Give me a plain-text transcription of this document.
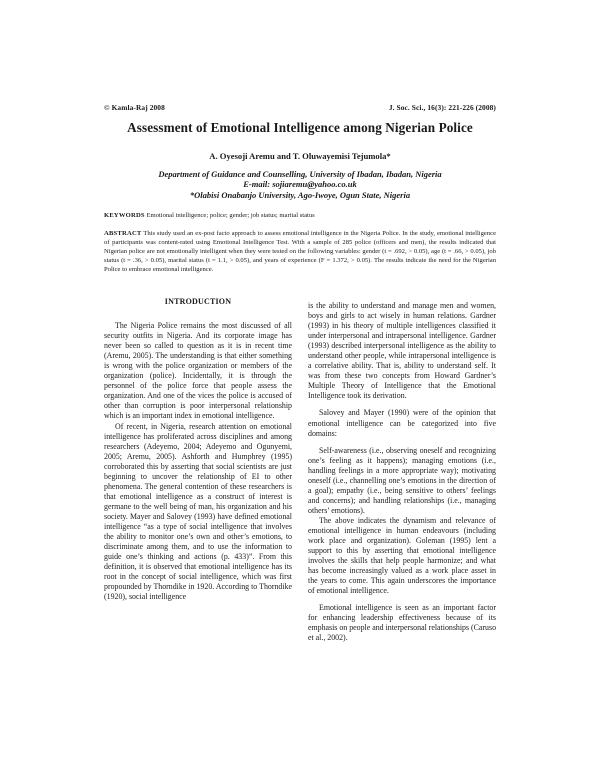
© Kamla-Raj 2008	J. Soc. Sci., 16(3): 221-226 (2008)
Assessment of Emotional Intelligence among Nigerian Police
A. Oyesoji Aremu and T. Oluwayemisi Tejumola*
Department of Guidance and Counselling, University of Ibadan, Ibadan, Nigeria
E-mail: sojiaremu@yahoo.co.uk
*Olabisi Onabanjo University, Ago-Iwoye, Ogun State, Nigeria
KEYWORDS Emotional intelligence; police; gender; job status; marital status
ABSTRACT This study used an ex-post facto approach to assess emotional intelligence in the Nigeria Police. In the study, emotional intelligence of participants was content-rated using Emotional Intelligence Test. With a sample of 285 police (officers and men), the results indicated that Nigerian police are not emotionally intelligent when they were tested on the following variables: gender (t = .692, > 0.05), age (t = .66, > 0.05), job status (t = .36, > 0.05), marital status (t = 1.1, > 0.05), and years of experience (F = 1.372, > 0.05). The results indicate the need for the Nigerian Police to embrace emotional intelligence.
INTRODUCTION

The Nigeria Police remains the most discussed of all security outfits in Nigeria. And its corporate image has never been so called to question as it is in recent time (Aremu, 2005). The understanding is that either something is wrong with the police organization or members of the organization (police). Incidentally, it is through the personnel of the police force that people assess the organization. And one of the vices the police is accused of other than corruption is poor interpersonal relationship which is an important index in emotional intelligence.

Of recent, in Nigeria, research attention on emotional intelligence has proliferated across disciplines and among researchers (Adeyemo, 2004; Adeyemo and Ogunyemi, 2005; Aremu, 2005). Ashforth and Humphrey (1995) corroborated this by asserting that social scientists are just beginning to uncover the relationship of EI to other phenomena. The general contention of these researchers is that emotional intelligence as a construct of interest is germane to the well being of man, his organization and his society. Mayer and Salovey (1993) have defined emotional intelligence “as a type of social intelligence that involves the ability to monitor one’s own and other’s emotions, to discriminate among them, and to use the information to guide one’s thinking and actions (p. 433)”. From this definition, it is observed that emotional intelligence has its root in the concept of social intelligence, which was first propounded by Thorndike in 1920. According to Thorndike (1920), social intelligence

is the ability to understand and manage men and women, boys and girls to act wisely in human relations. Gardner (1993) in his theory of multiple intelligences classified it under interpersonal and intrapersonal intelligence. Gardner (1993) described interpersonal intelligence as the ability to understand other people, while intrapersonal intelligence is a correlative ability. That is, ability to understand self. It was from these two concepts from Howard Gardner’s Multiple Theory of Intelligence that the Emotional Intelligence took its derivation.

Salovey and Mayer (1990) were of the opinion that emotional intelligence can be categorized into five domains:

Self-awareness (i.e., observing oneself and recognizing one’s feeling as it happens); managing emotions (i.e., handling feelings in a more appropriate way); motivating oneself (i.e., channelling one’s emotions in the direction of a goal); empathy (i.e., being sensitive to others’ feelings and concerns); and handling relationships (i.e., managing others’ emotions).

The above indicates the dynamism and relevance of emotional intelligence in human endeavours (including work place and organization). Goleman (1995) lent a support to this by asserting that emotional intelligence involves the skills that help people harmonize; and what has become increasingly valued as a work place asset in the years to come. This again underscores the importance of emotional intelligence.

Emotional intelligence is seen as an important factor for enhancing leadership effectiveness because of its emphasis on people and interpersonal relationships (Caruso et al., 2002).
